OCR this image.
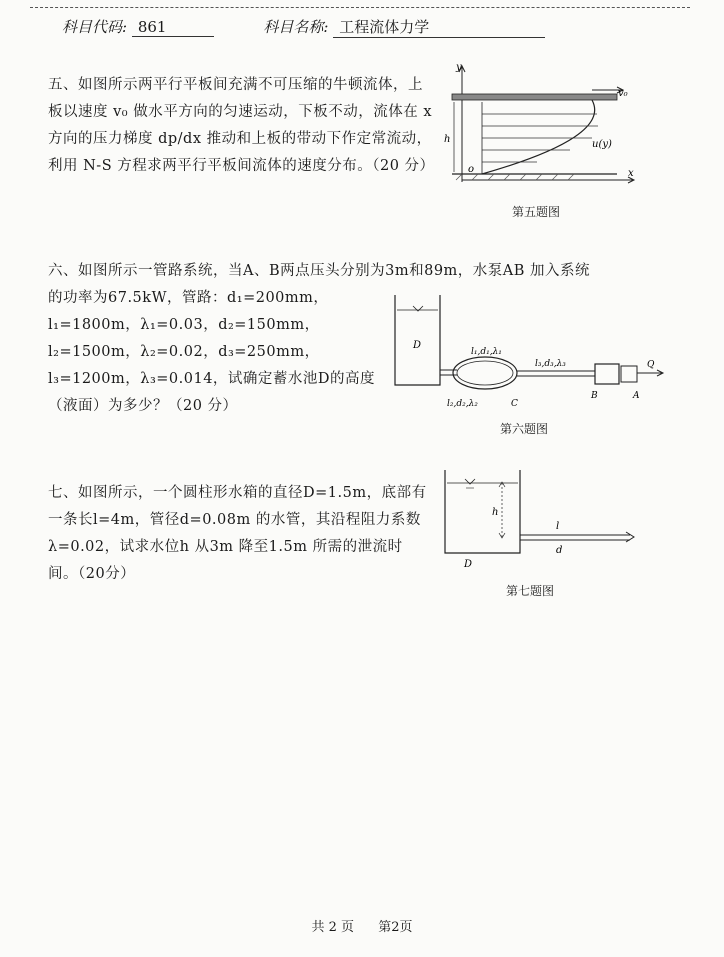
科目代码: 861	科目名称: 工程流体力学
五、如图所示两平行平板间充满不可压缩的牛顿流体，上板以速度 v₀ 做水平方向的匀速运动，下板不动，流体在 x 方向的压力梯度 dp/dx 推动和上板的带动下作定常流动，利用 N-S 方程求两平行平板间流体的速度分布。（20 分）
h
y
v₀
u(y)
o	x
第五题图
六、如图所示一管路系统，当A、B两点压头分别为3m和89m，水泵AB 加入系统
的功率为67.5kW，管路：d₁=200mm，l₁=1800m，λ₁=0.03，d₂=150mm，l₂=1500m，λ₂=0.02，d₃=250mm，l₃=1200m，λ₃=0.014，试确定蓄水池D的高度（液面）为多少？（20 分）
D
l₁,d₁,λ₁
l₂,d₂,λ₂	C
l₃,d₃,λ₃
B	A
Q
第六题图
七、如图所示，一个圆柱形水箱的直径D=1.5m，底部有一条长l=4m，管径d=0.08m 的水管，其沿程阻力系数λ=0.02，试求水位h 从3m 降至1.5m 所需的泄流时间。（20分）
h
l
d
D
第七题图
共 2 页 第2页
